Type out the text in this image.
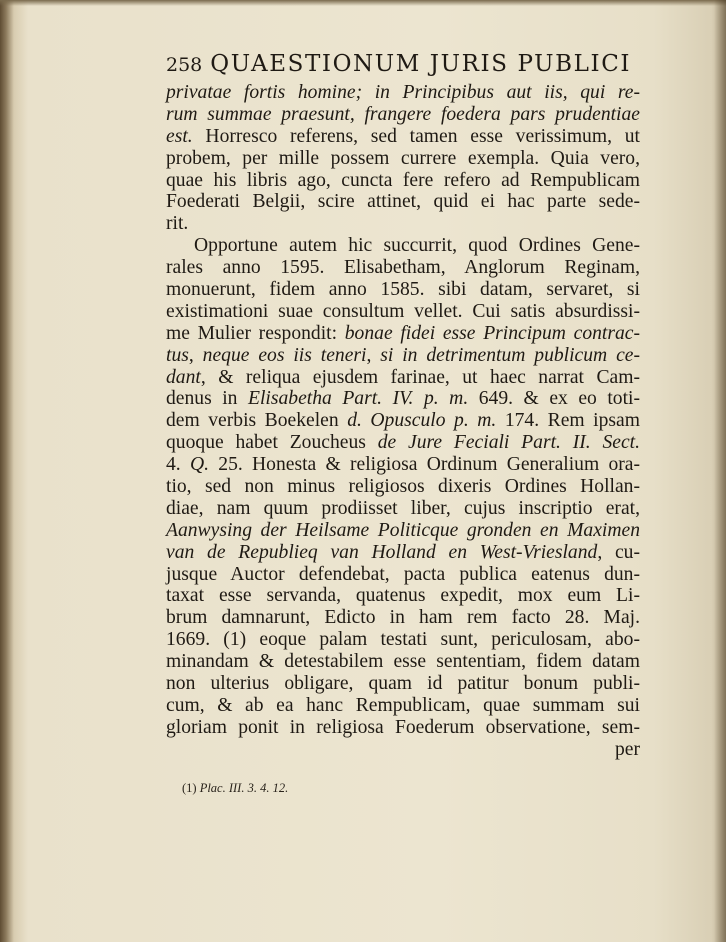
258 QUAESTIONUM JURIS PUBLICI
privatae fortis homine; in Principibus aut iis, qui re-
rum summae praesunt, frangere foedera pars prudentiae
est. Horresco referens, sed tamen esse verissimum, ut
probem, per mille possem currere exempla. Quia vero,
quae his libris ago, cuncta fere refero ad Rempublicam
Foederati Belgii, scire attinet, quid ei hac parte sede-
rit.
Opportune autem hic succurrit, quod Ordines Gene-
rales anno 1595. Elisabetham, Anglorum Reginam,
monuerunt, fidem anno 1585. sibi datam, servaret, si
existimationi suae consultum vellet. Cui satis absurdissi-
me Mulier respondit: bonae fidei esse Principum contrac-
tus, neque eos iis teneri, si in detrimentum publicum ce-
dant, & reliqua ejusdem farinae, ut haec narrat Cam-
denus in Elisabetha Part. IV. p. m. 649. & ex eo toti-
dem verbis Boekelen d. Opusculo p. m. 174. Rem ipsam
quoque habet Zoucheus de Jure Feciali Part. II. Sect.
4. Q. 25. Honesta & religiosa Ordinum Generalium ora-
tio, sed non minus religiosos dixeris Ordines Hollan-
diae, nam quum prodiisset liber, cujus inscriptio erat,
Aanwysing der Heilsame Politicque gronden en Maximen
van de Republieq van Holland en West-Vriesland, cu-
jusque Auctor defendebat, pacta publica eatenus dun-
taxat esse servanda, quatenus expedit, mox eum Li-
brum damnarunt, Edicto in ham rem facto 28. Maj.
1669. (1) eoque palam testati sunt, periculosam, abo-
minandam & detestabilem esse sententiam, fidem datam
non ulterius obligare, quam id patitur bonum publi-
cum, & ab ea hanc Rempublicam, quae summam sui
gloriam ponit in religiosa Foederum observatione, sem-
per
(1) Plac. III. 3. 4. 12.
